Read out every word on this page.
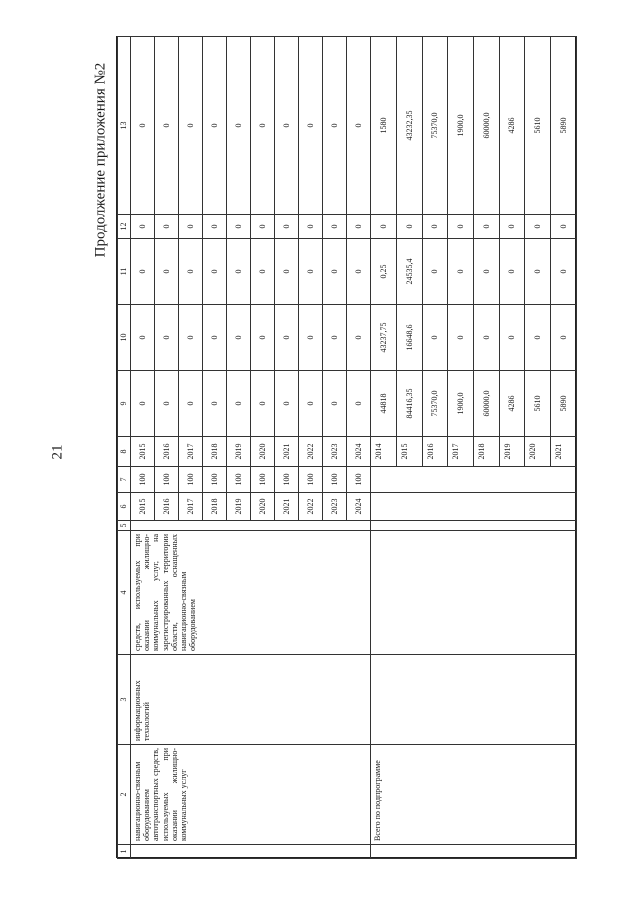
21
Продолжение приложения №2
1	2	3	4	5	6	7	8	9	10	11	12	13
	навигационно-связным оборудованием автотранспортных средств, используемых при оказании жилищно-коммунальных услуг	информационных технологий	средств, используемых при оказании жилищно-коммунальных услуг, на зарегистрированных территории области, оснащенных навигационно-связным оборудованием		2015	100	2015	0	0	0	0	0
					2016	100	2016	0	0	0	0	0
					2017	100	2017	0	0	0	0	0
					2018	100	2018	0	0	0	0	0
					2019	100	2019	0	0	0	0	0
					2020	100	2020	0	0	0	0	0
					2021	100	2021	0	0	0	0	0
					2022	100	2022	0	0	0	0	0
					2023	100	2023	0	0	0	0	0
					2024	100	2024	0	0	0	0	0
	Всего по подпрограмме						2014	44818	43237,75	0,25	0	1580
							2015	84416,35	16648,6	24535,4	0	43232,35
							2016	75370,0	0	0	0	75370,0
							2017	1900,0	0	0	0	1900,0
							2018	60000,0	0	0	0	60000,0
							2019	4286	0	0	0	4286
							2020	5610	0	0	0	5610
							2021	5890	0	0	0	5890
